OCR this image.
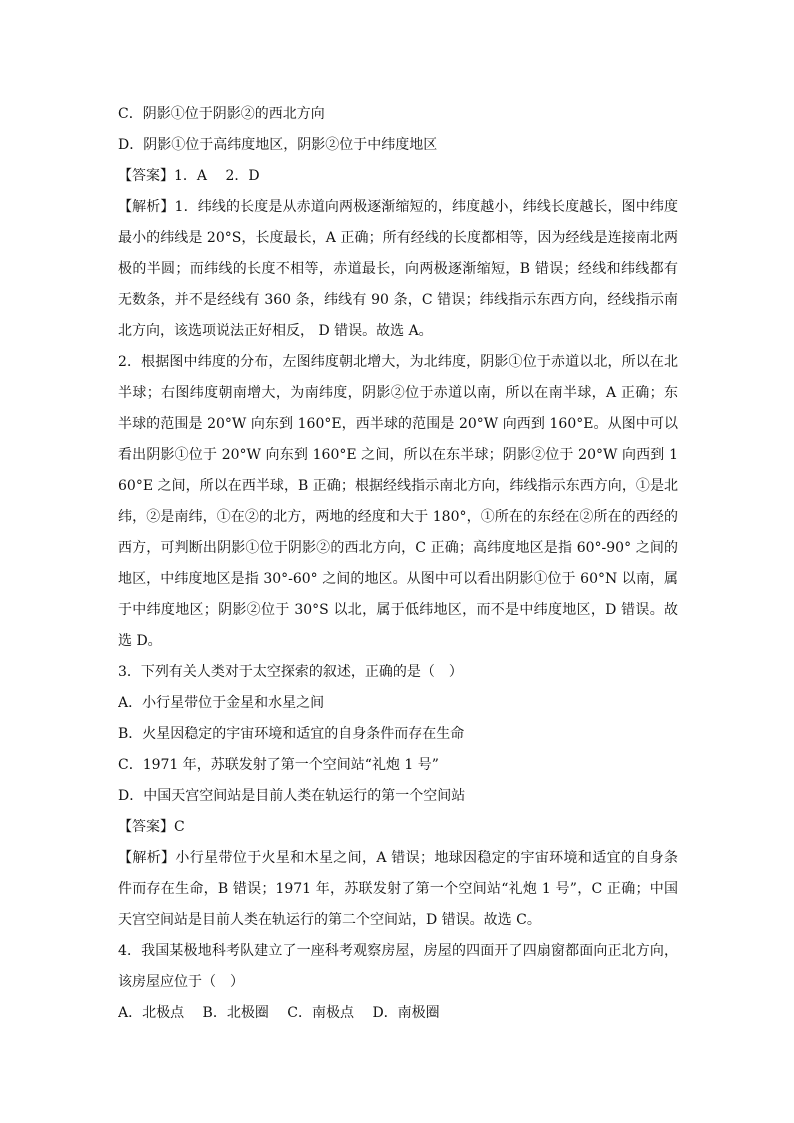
C．阴影①位于阴影②的西北方向
D．阴影①位于高纬度地区，阴影②位于中纬度地区
【答案】1．A　 2．D
【解析】1．纬线的长度是从赤道向两极逐渐缩短的，纬度越小，纬线长度越长，图中纬度最小的纬线是 20°S，长度最长，A 正确；所有经线的长度都相等，因为经线是连接南北两极的半圆；而纬线的长度不相等，赤道最长，向两极逐渐缩短，B 错误；经线和纬线都有无数条，并不是经线有 360 条，纬线有 90 条，C 错误；纬线指示东西方向，经线指示南北方向，该选项说法正好相反， D 错误。故选 A。
2．根据图中纬度的分布，左图纬度朝北增大，为北纬度，阴影①位于赤道以北，所以在北半球；右图纬度朝南增大，为南纬度，阴影②位于赤道以南，所以在南半球，A 正确；东半球的范围是 20°W 向东到 160°E，西半球的范围是 20°W 向西到 160°E。从图中可以看出阴影①位于 20°W 向东到 160°E 之间，所以在东半球；阴影②位于 20°W 向西到 160°E 之间，所以在西半球，B 正确；根据经线指示南北方向，纬线指示东西方向，①是北纬，②是南纬，①在②的北方，两地的经度和大于 180°，①所在的东经在②所在的西经的西方，可判断出阴影①位于阴影②的西北方向，C 正确；高纬度地区是指 60°-90° 之间的地区，中纬度地区是指 30°-60° 之间的地区。从图中可以看出阴影①位于 60°N 以南，属于中纬度地区；阴影②位于 30°S 以北，属于低纬地区，而不是中纬度地区，D 错误。故选 D。
3．下列有关人类对于太空探索的叙述，正确的是（　）
A．小行星带位于金星和水星之间
B．火星因稳定的宇宙环境和适宜的自身条件而存在生命
C．1971 年，苏联发射了第一个空间站“礼炮 1 号”
D．中国天宫空间站是目前人类在轨运行的第一个空间站
【答案】C
【解析】小行星带位于火星和木星之间，A 错误；地球因稳定的宇宙环境和适宜的自身条件而存在生命，B 错误；1971 年，苏联发射了第一个空间站“礼炮 1 号”，C 正确；中国天宫空间站是目前人类在轨运行的第二个空间站，D 错误。故选 C。
4．我国某极地科考队建立了一座科考观察房屋，房屋的四面开了四扇窗都面向正北方向，该房屋应位于（　）
A．北极点　 B．北极圈　 C．南极点　 D．南极圈
